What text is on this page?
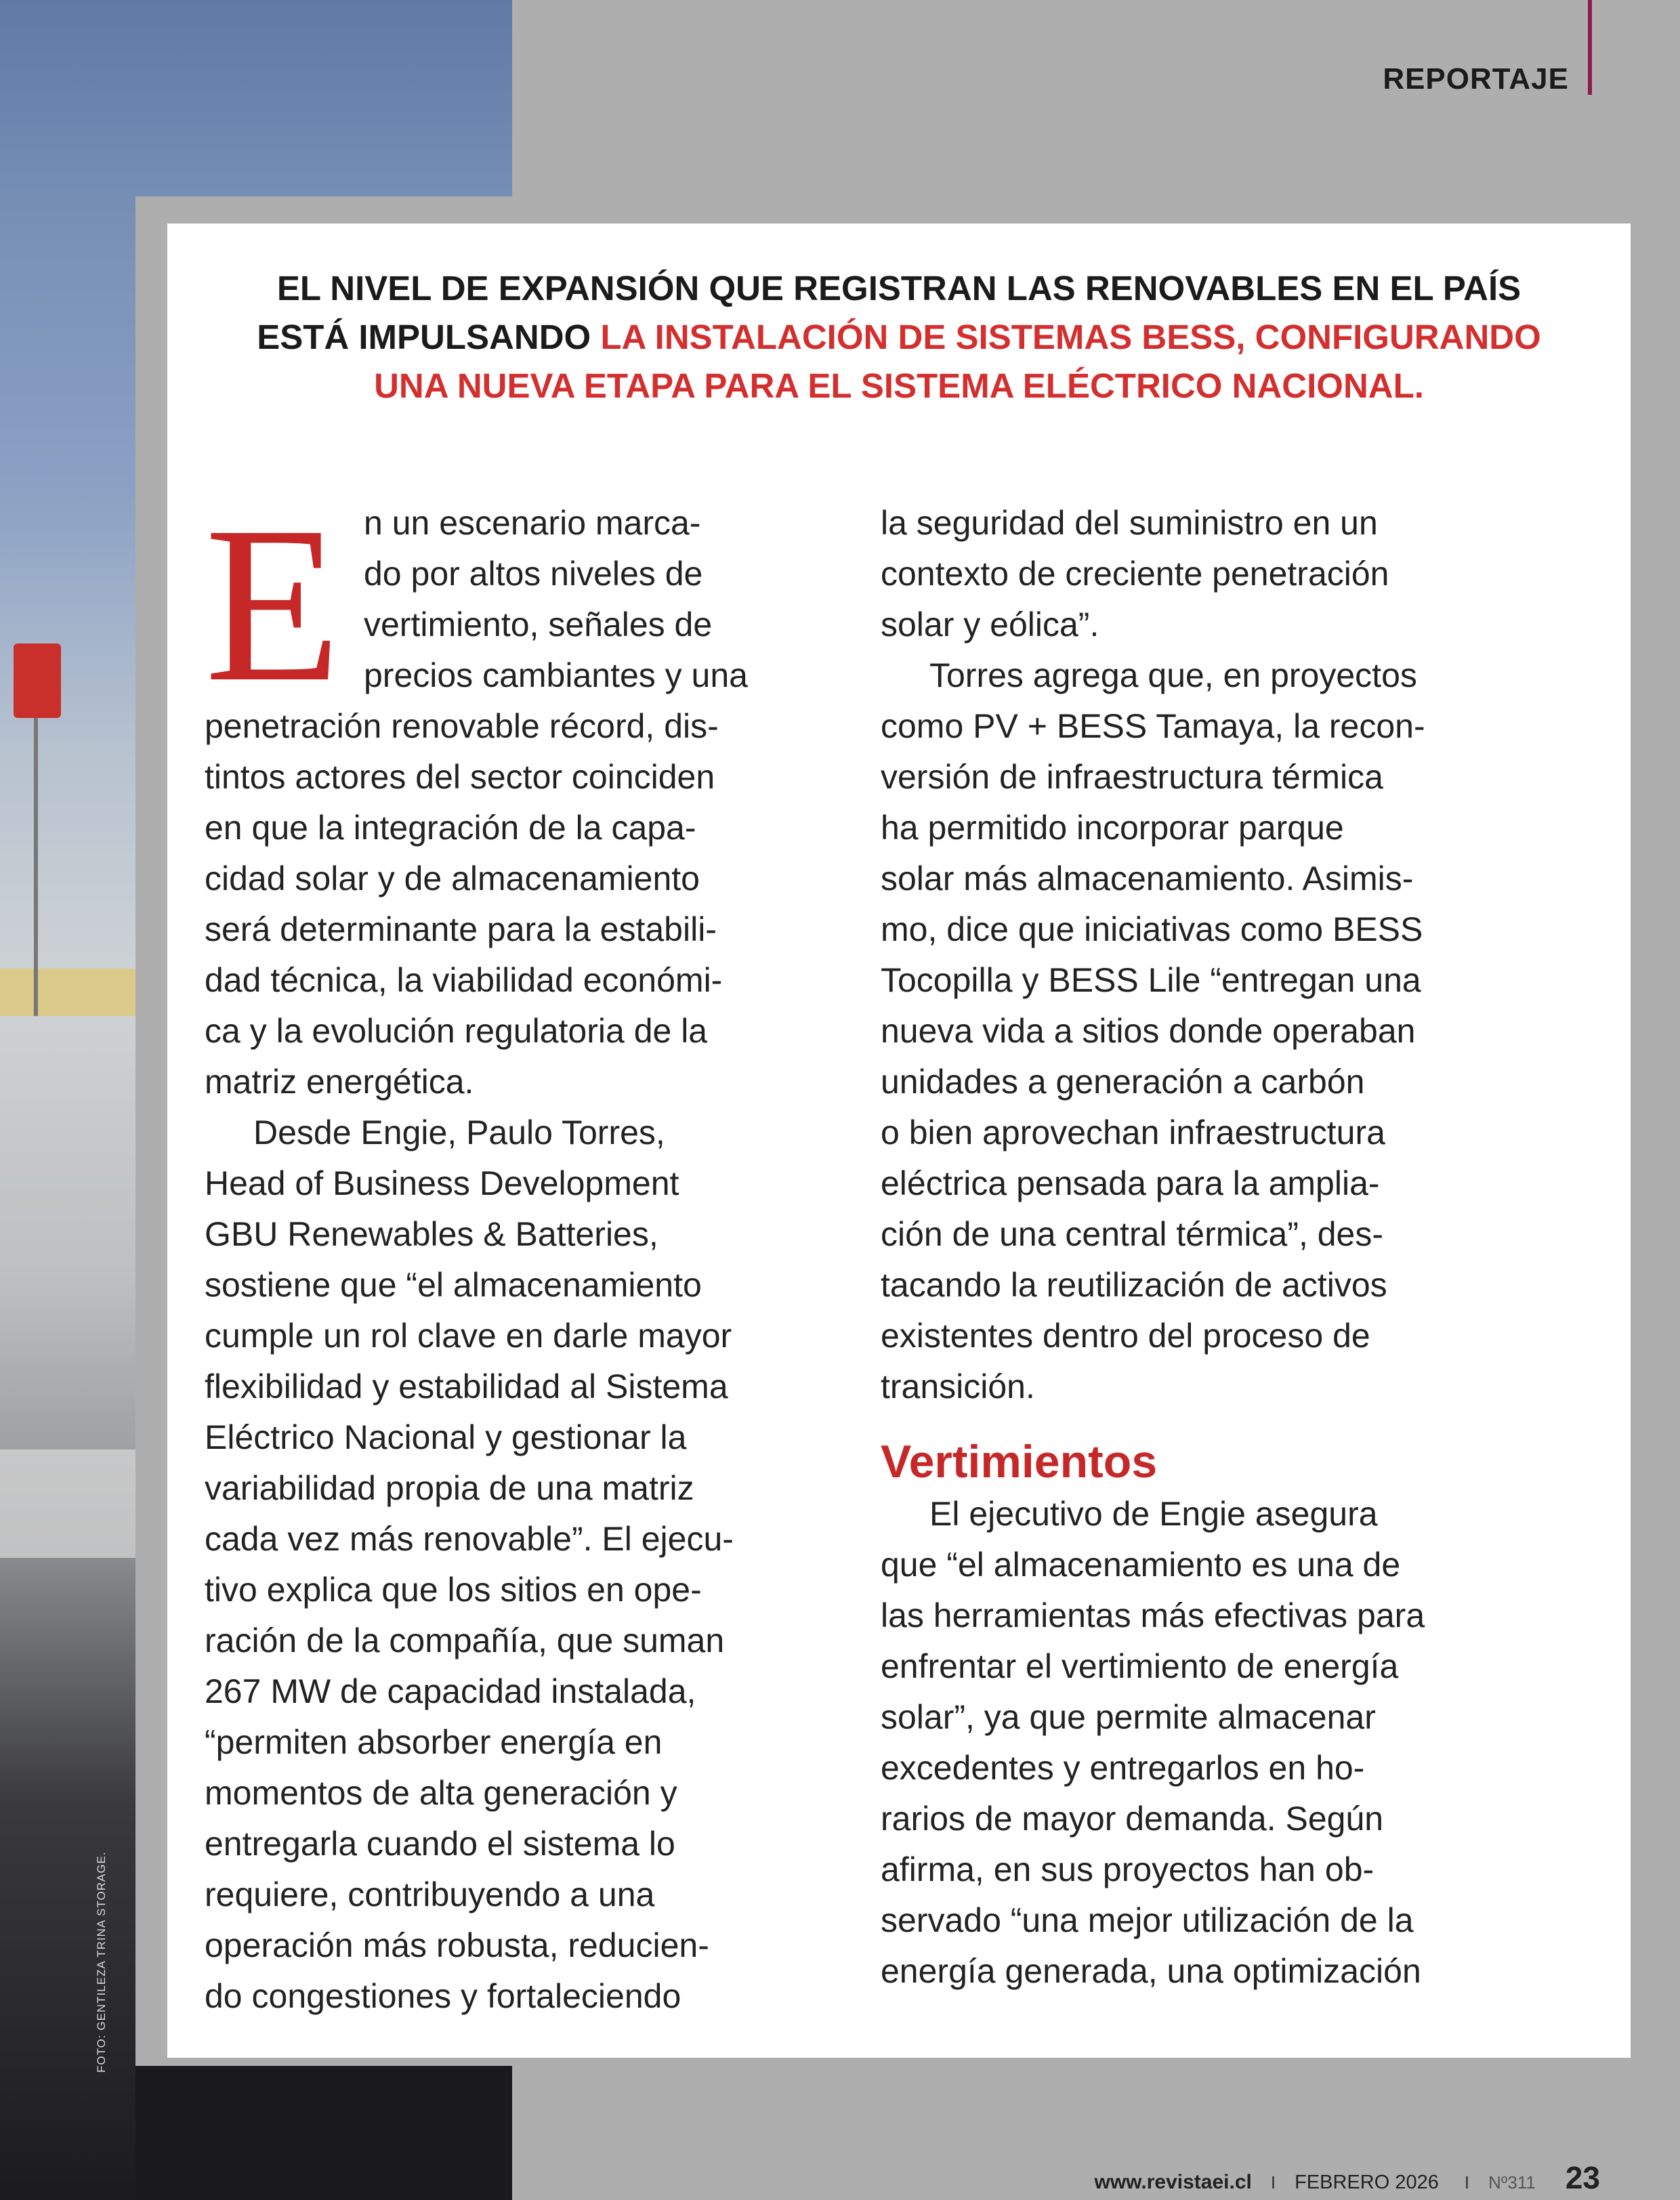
FOTO: GENTILEZA TRINA STORAGE.
REPORTAJE
EL NIVEL DE EXPANSIÓN QUE REGISTRAN LAS RENOVABLES EN EL PAÍS
ESTÁ IMPULSANDO LA INSTALACIÓN DE SISTEMAS BESS, CONFIGURANDO
UNA NUEVA ETAPA PARA EL SISTEMA ELÉCTRICO NACIONAL.
E n un escenario marca-
do por altos niveles de
vertimiento, señales de
precios cambiantes y una
penetración renovable récord, dis-
tintos actores del sector coinciden
en que la integración de la capa-
cidad solar y de almacenamiento
será determinante para la estabili-
dad técnica, la viabilidad económi-
ca y la evolución regulatoria de la
matriz energética.
Desde Engie, Paulo Torres,
Head of Business Development
GBU Renewables & Batteries,
sostiene que “el almacenamiento
cumple un rol clave en darle mayor
flexibilidad y estabilidad al Sistema
Eléctrico Nacional y gestionar la
variabilidad propia de una matriz
cada vez más renovable”. El ejecu-
tivo explica que los sitios en ope-
ración de la compañía, que suman
267 MW de capacidad instalada,
“permiten absorber energía en
momentos de alta generación y
entregarla cuando el sistema lo
requiere, contribuyendo a una
operación más robusta, reducien-
do congestiones y fortaleciendo
la seguridad del suministro en un
contexto de creciente penetración
solar y eólica”.
Torres agrega que, en proyectos
como PV + BESS Tamaya, la recon-
versión de infraestructura térmica
ha permitido incorporar parque
solar más almacenamiento. Asimis-
mo, dice que iniciativas como BESS
Tocopilla y BESS Lile “entregan una
nueva vida a sitios donde operaban
unidades a generación a carbón
o bien aprovechan infraestructura
eléctrica pensada para la amplia-
ción de una central térmica”, des-
tacando la reutilización de activos
existentes dentro del proceso de
transición.
Vertimientos
El ejecutivo de Engie asegura
que “el almacenamiento es una de
las herramientas más efectivas para
enfrentar el vertimiento de energía
solar”, ya que permite almacenar
excedentes y entregarlos en ho-
rarios de mayor demanda. Según
afirma, en sus proyectos han ob-
servado “una mejor utilización de la
energía generada, una optimización
www.revistaei.cl I FEBRERO 2026 I Nº311 23
